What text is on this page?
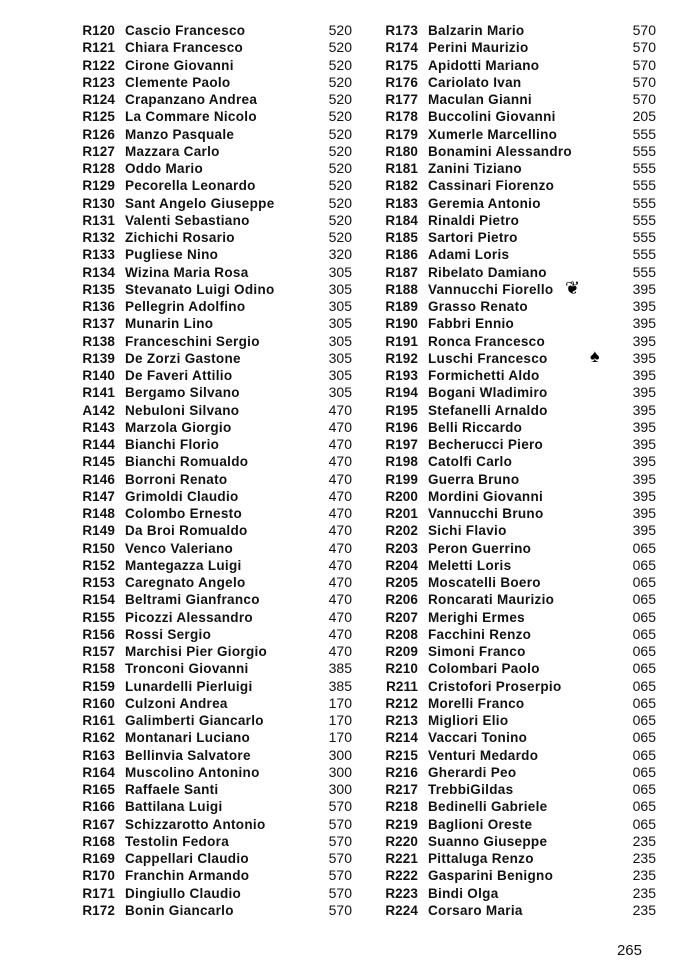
R120 Cascio Francesco	520
R121 Chiara Francesco	520
R122 Cirone Giovanni	520
R123 Clemente Paolo	520
R124 Crapanzano Andrea	520
R125 La Commare Nicolo	520
R126 Manzo Pasquale	520
R127 Mazzara Carlo	520
R128 Oddo Mario	520
R129 Pecorella Leonardo	520
R130 Sant Angelo Giuseppe	520
R131 Valenti Sebastiano	520
R132 Zichichi Rosario	520
R133 Pugliese Nino	320
R134 Wizina Maria Rosa	305
R135 Stevanato Luigi Odino	305
R136 Pellegrin Adolfino	305
R137 Munarin Lino	305
R138 Franceschini Sergio	305
R139 De Zorzi Gastone	305
R140 De Faveri Attilio	305
R141 Bergamo Silvano	305
A142 Nebuloni Silvano	470
R143 Marzola Giorgio	470
R144 Bianchi Florio	470
R145 Bianchi Romualdo	470
R146 Borroni Renato	470
R147 Grimoldi Claudio	470
R148 Colombo Ernesto	470
R149 Da Broi Romualdo	470
R150 Venco Valeriano	470
R152 Mantegazza Luigi	470
R153 Caregnato Angelo	470
R154 Beltrami Gianfranco	470
R155 Picozzi Alessandro	470
R156 Rossi Sergio	470
R157 Marchisi Pier Giorgio	470
R158 Tronconi Giovanni	385
R159 Lunardelli Pierluigi	385
R160 Culzoni Andrea	170
R161 Galimberti Giancarlo	170
R162 Montanari Luciano	170
R163 Bellinvia Salvatore	300
R164 Muscolino Antonino	300
R165 Raffaele Santi	300
R166 Battilana Luigi	570
R167 Schizzarotto Antonio	570
R168 Testolin Fedora	570
R169 Cappellari Claudio	570
R170 Franchin Armando	570
R171 Dingiullo Claudio	570
R172 Bonin Giancarlo	570
R173 Balzarin Mario	570
R174 Perini Maurizio	570
R175 Apidotti Mariano	570
R176 Cariolato Ivan	570
R177 Maculan Gianni	570
R178 Buccolini Giovanni	205
R179 Xumerle Marcellino	555
R180 Bonamini Alessandro	555
R181 Zanini Tiziano	555
R182 Cassinari Fiorenzo	555
R183 Geremia Antonio	555
R184 Rinaldi Pietro	555
R185 Sartori Pietro	555
R186 Adami Loris	555
R187 Ribelato Damiano	555
R188 Vannucchi Fiorello	395
R189 Grasso Renato	395
R190 Fabbri Ennio	395
R191 Ronca Francesco	395
R192 Luschi Francesco	395
R193 Formichetti Aldo	395
R194 Bogani Wladimiro	395
R195 Stefanelli Arnaldo	395
R196 Belli Riccardo	395
R197 Becherucci Piero	395
R198 Catolfi Carlo	395
R199 Guerra Bruno	395
R200 Mordini Giovanni	395
R201 Vannucchi Bruno	395
R202 Sichi Flavio	395
R203 Peron Guerrino	065
R204 Meletti Loris	065
R205 Moscatelli Boero	065
R206 Roncarati Maurizio	065
R207 Merighi Ermes	065
R208 Facchini Renzo	065
R209 Simoni Franco	065
R210 Colombari Paolo	065
R211 Cristofori Proserpio	065
R212 Morelli Franco	065
R213 Migliori Elio	065
R214 Vaccari Tonino	065
R215 Venturi Medardo	065
R216 Gherardi Peo	065
R217 TrebbiGildas	065
R218 Bedinelli Gabriele	065
R219 Baglioni Oreste	065
R220 Suanno Giuseppe	235
R221 Pittaluga Renzo	235
R222 Gasparini Benigno	235
R223 Bindi Olga	235
R224 Corsaro Maria	235
❦
♠
265
